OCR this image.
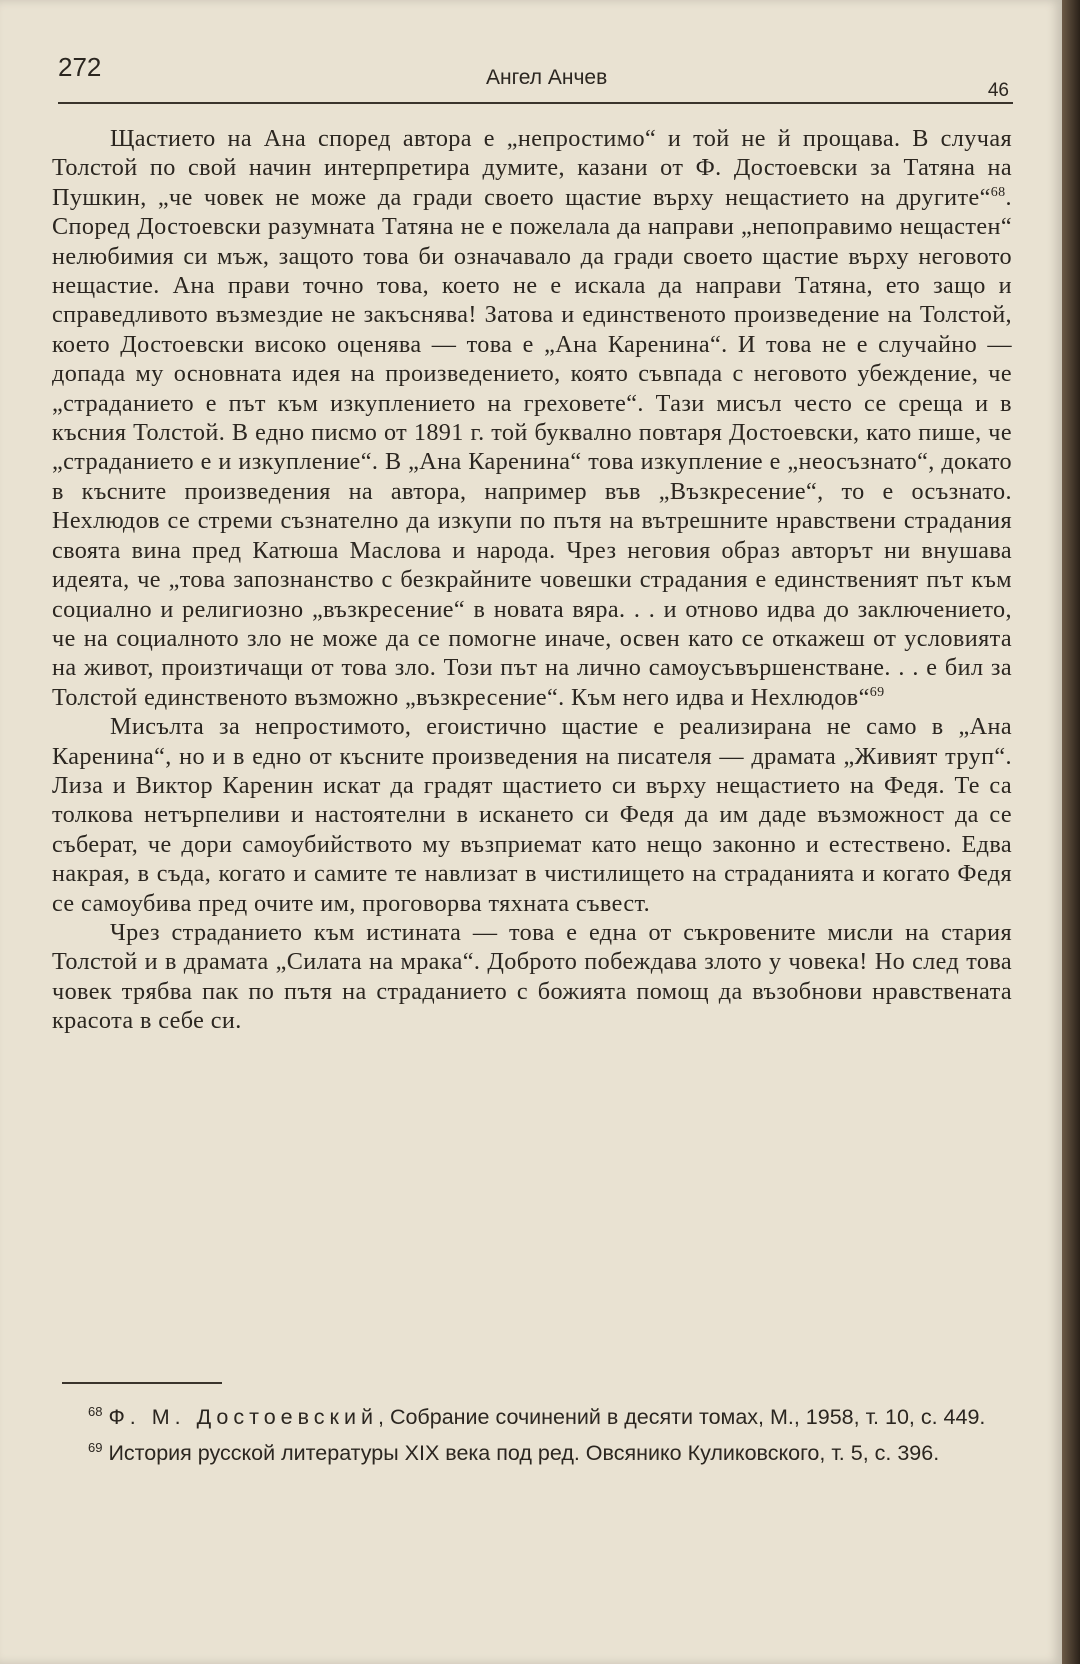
272	Ангел Анчев
46

Щастието на Ана според автора е „непростимо“ и той не й прощава. В случая Толстой по свой начин интерпретира думите, казани от Ф. Достоевски за Татяна на Пушкин, „че човек не може да гради своето щастие върху нещастието на другите“$^{68}$. Според Достоевски разумната Татяна не е пожелала да направи „непоправимо нещастен“ нелюбимия си мъж, защото това би означавало да гради своето щастие върху неговото нещастие. Ана прави точно това, което не е искала да направи Татяна, ето защо и справедливото възмездие не закъснява! Затова и единственото произведение на Толстой, което Достоевски високо оценява — това е „Ана Каренина“. И това не е случайно — допада му основната идея на произведението, която съвпада с неговото убеждение, че „страданието е път към изкуплението на греховете“. Тази мисъл често се среща и в късния Толстой. В едно писмо от 1891 г. той буквално повтаря Достоевски, като пише, че „страданието е и изкупление“. В „Ана Каренина“ това изкупление е „неосъзнато“, докато в късните произведения на автора, например във „Възкресение“, то е осъзнато. Нехлюдов се стреми съзнателно да изкупи по пътя на вътрешните нравствени страдания своята вина пред Катюша Маслова и народа. Чрез неговия образ авторът ни внушава идеята, че „това запознанство с безкрайните човешки страдания е единственият път към социално и религиозно „възкресение“ в новата вяра. . . и отново идва до заключението, че на социалното зло не може да се помогне иначе, освен като се откажеш от условията на живот, произтичащи от това зло. Този път на лично самоусъвършенстване. . . е бил за Толстой единственото възможно „възкресение“. Към него идва и Нехлюдов“$^{69}$

Мисълта за непростимото, егоистично щастие е реализирана не само в „Ана Каренина“, но и в едно от късните произведения на писателя — драмата „Живият труп“. Лиза и Виктор Каренин искат да градят щастието си върху нещастието на Федя. Те са толкова нетърпеливи и настоятелни в искането си Федя да им даде възможност да се съберат, че дори самоубийството му възприемат като нещо законно и естествено. Едва накрая, в съда, когато и самите те навлизат в чистилището на страданията и когато Федя се самоубива пред очите им, проговорва тяхната съвест.

Чрез страданието към истината — това е една от съкровените мисли на стария Толстой и в драмата „Силата на мрака“. Доброто побеждава злото у човека! Но след това човек трябва пак по пътя на страданието с божията помощ да възобнови нравствената красота в себе си.

$^{68}$ Ф. М. Достоевский, Собрание сочинений в десяти томах, М., 1958, т. 10, с. 449.
$^{69}$ История русской литературы XIX века под ред. Овсянико Куликовского, т. 5, с. 396.
